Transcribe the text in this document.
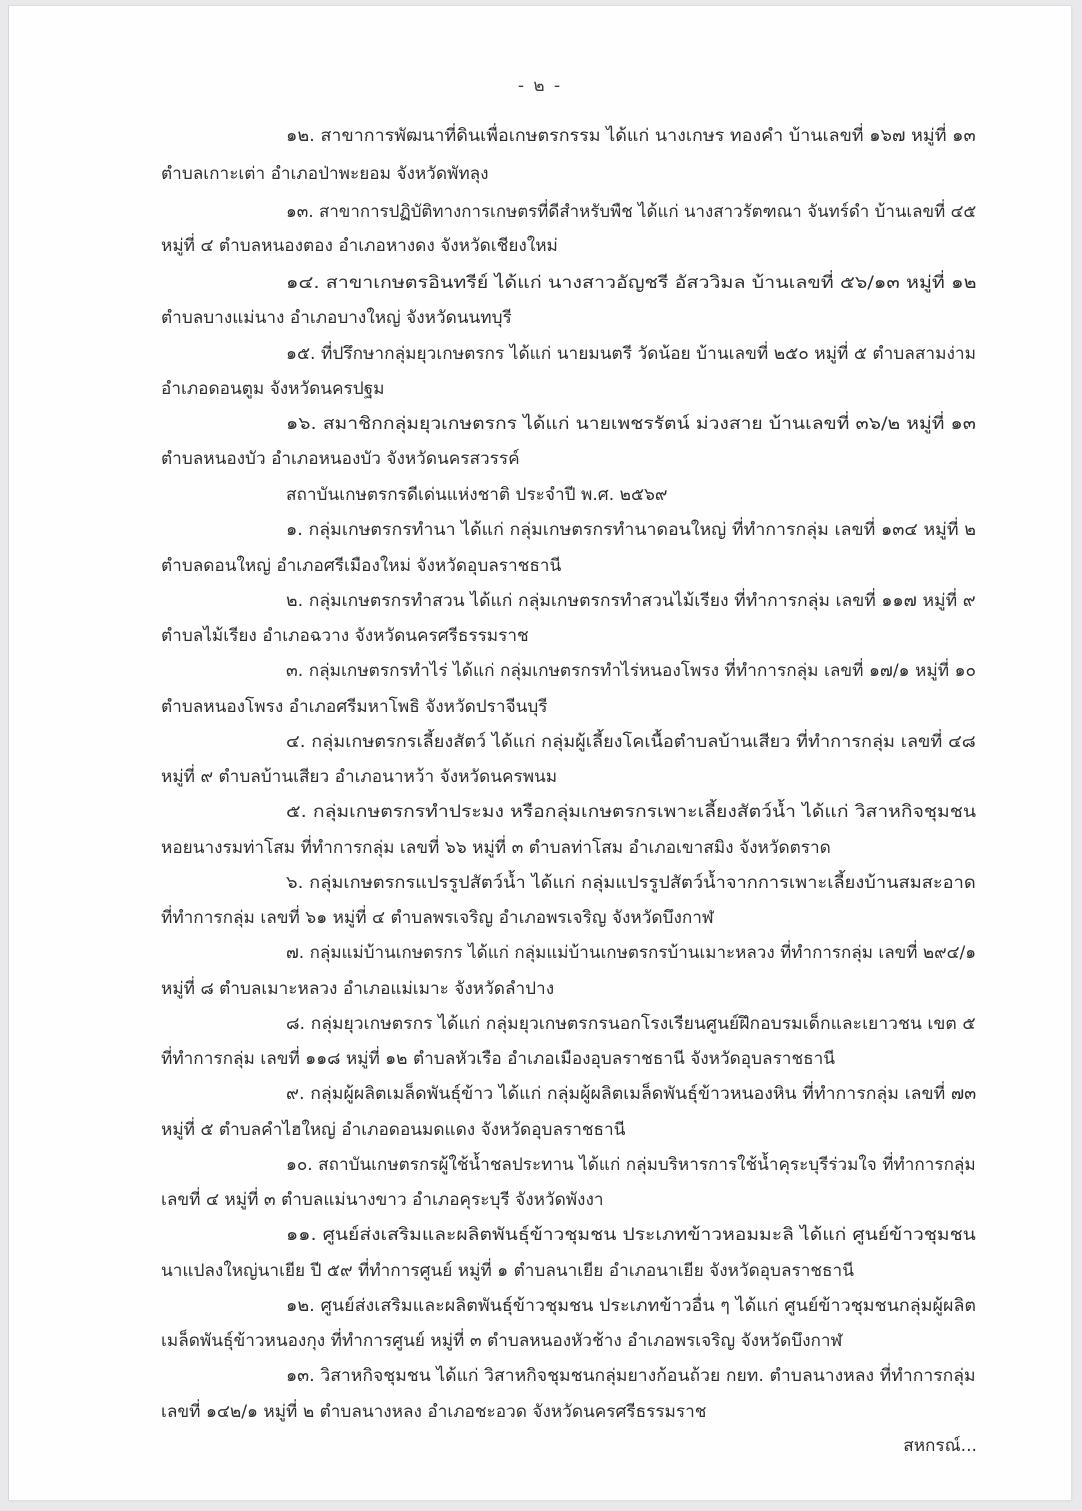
- ๒ -
๑๒. สาขาการพัฒนาที่ดินเพื่อเกษตรกรรม ได้แก่ นางเกษร ทองคำ บ้านเลขที่ ๑๖๗ หมู่ที่ ๑๓
ตำบลเกาะเต่า อำเภอป่าพะยอม จังหวัดพัทลุง
๑๓. สาขาการปฏิบัติทางการเกษตรที่ดีสำหรับพืช ได้แก่ นางสาวรัตฑณา จันทร์ดำ บ้านเลขที่ ๔๕
หมู่ที่ ๔ ตำบลหนองตอง อำเภอหางดง จังหวัดเชียงใหม่
๑๔. สาขาเกษตรอินทรีย์ ได้แก่ นางสาวอัญชรี อัสววิมล บ้านเลขที่ ๕๖/๑๓ หมู่ที่ ๑๒
ตำบลบางแม่นาง อำเภอบางใหญ่ จังหวัดนนทบุรี
๑๕. ที่ปรึกษากลุ่มยุวเกษตรกร ได้แก่ นายมนตรี วัดน้อย บ้านเลขที่ ๒๕๐ หมู่ที่ ๕ ตำบลสามง่าม
อำเภอดอนตูม จังหวัดนครปฐม
๑๖. สมาชิกกลุ่มยุวเกษตรกร ได้แก่ นายเพชรรัตน์ ม่วงสาย บ้านเลขที่ ๓๖/๒ หมู่ที่ ๑๓
ตำบลหนองบัว อำเภอหนองบัว จังหวัดนครสวรรค์
สถาบันเกษตรกรดีเด่นแห่งชาติ ประจำปี พ.ศ. ๒๕๖๙
๑. กลุ่มเกษตรกรทำนา ได้แก่ กลุ่มเกษตรกรทำนาดอนใหญ่ ที่ทำการกลุ่ม เลขที่ ๑๓๔ หมู่ที่ ๒
ตำบลดอนใหญ่ อำเภอศรีเมืองใหม่ จังหวัดอุบลราชธานี
๒. กลุ่มเกษตรกรทำสวน ได้แก่ กลุ่มเกษตรกรทำสวนไม้เรียง ที่ทำการกลุ่ม เลขที่ ๑๑๗ หมู่ที่ ๙
ตำบลไม้เรียง อำเภอฉวาง จังหวัดนครศรีธรรมราช
๓. กลุ่มเกษตรกรทำไร่ ได้แก่ กลุ่มเกษตรกรทำไร่หนองโพรง ที่ทำการกลุ่ม เลขที่ ๑๗/๑ หมู่ที่ ๑๐
ตำบลหนองโพรง อำเภอศรีมหาโพธิ จังหวัดปราจีนบุรี
๔. กลุ่มเกษตรกรเลี้ยงสัตว์ ได้แก่ กลุ่มผู้เลี้ยงโคเนื้อตำบลบ้านเสียว ที่ทำการกลุ่ม เลขที่ ๔๘
หมู่ที่ ๙ ตำบลบ้านเสียว อำเภอนาหว้า จังหวัดนครพนม
๕. กลุ่มเกษตรกรทำประมง หรือกลุ่มเกษตรกรเพาะเลี้ยงสัตว์น้ำ ได้แก่ วิสาหกิจชุมชน
หอยนางรมท่าโสม ที่ทำการกลุ่ม เลขที่ ๖๖ หมู่ที่ ๓ ตำบลท่าโสม อำเภอเขาสมิง จังหวัดตราด
๖. กลุ่มเกษตรกรแปรรูปสัตว์น้ำ ได้แก่ กลุ่มแปรรูปสัตว์น้ำจากการเพาะเลี้ยงบ้านสมสะอาด
ที่ทำการกลุ่ม เลขที่ ๖๑ หมู่ที่ ๔ ตำบลพรเจริญ อำเภอพรเจริญ จังหวัดบึงกาฬ
๗. กลุ่มแม่บ้านเกษตรกร ได้แก่ กลุ่มแม่บ้านเกษตรกรบ้านเมาะหลวง ที่ทำการกลุ่ม เลขที่ ๒๙๔/๑
หมู่ที่ ๘ ตำบลเมาะหลวง อำเภอแม่เมาะ จังหวัดลำปาง
๘. กลุ่มยุวเกษตรกร ได้แก่ กลุ่มยุวเกษตรกรนอกโรงเรียนศูนย์ฝึกอบรมเด็กและเยาวชน เขต ๕
ที่ทำการกลุ่ม เลขที่ ๑๑๘ หมู่ที่ ๑๒ ตำบลหัวเรือ อำเภอเมืองอุบลราชธานี จังหวัดอุบลราชธานี
๙. กลุ่มผู้ผลิตเมล็ดพันธุ์ข้าว ได้แก่ กลุ่มผู้ผลิตเมล็ดพันธุ์ข้าวหนองหิน ที่ทำการกลุ่ม เลขที่ ๗๓
หมู่ที่ ๕ ตำบลคำไฮใหญ่ อำเภอดอนมดแดง จังหวัดอุบลราชธานี
๑๐. สถาบันเกษตรกรผู้ใช้น้ำชลประทาน ได้แก่ กลุ่มบริหารการใช้น้ำคุระบุรีร่วมใจ ที่ทำการกลุ่ม
เลขที่ ๔ หมู่ที่ ๓ ตำบลแม่นางขาว อำเภอคุระบุรี จังหวัดพังงา
๑๑. ศูนย์ส่งเสริมและผลิตพันธุ์ข้าวชุมชน ประเภทข้าวหอมมะลิ ได้แก่ ศูนย์ข้าวชุมชน
นาแปลงใหญ่นาเยีย ปี ๕๙ ที่ทำการศูนย์ หมู่ที่ ๑ ตำบลนาเยีย อำเภอนาเยีย จังหวัดอุบลราชธานี
๑๒. ศูนย์ส่งเสริมและผลิตพันธุ์ข้าวชุมชน ประเภทข้าวอื่น ๆ ได้แก่ ศูนย์ข้าวชุมชนกลุ่มผู้ผลิต
เมล็ดพันธุ์ข้าวหนองกุง ที่ทำการศูนย์ หมู่ที่ ๓ ตำบลหนองหัวช้าง อำเภอพรเจริญ จังหวัดบึงกาฬ
๑๓. วิสาหกิจชุมชน ได้แก่ วิสาหกิจชุมชนกลุ่มยางก้อนถ้วย กยท. ตำบลนางหลง ที่ทำการกลุ่ม
เลขที่ ๑๔๒/๑ หมู่ที่ ๒ ตำบลนางหลง อำเภอชะอวด จังหวัดนครศรีธรรมราช
สหกรณ์...
